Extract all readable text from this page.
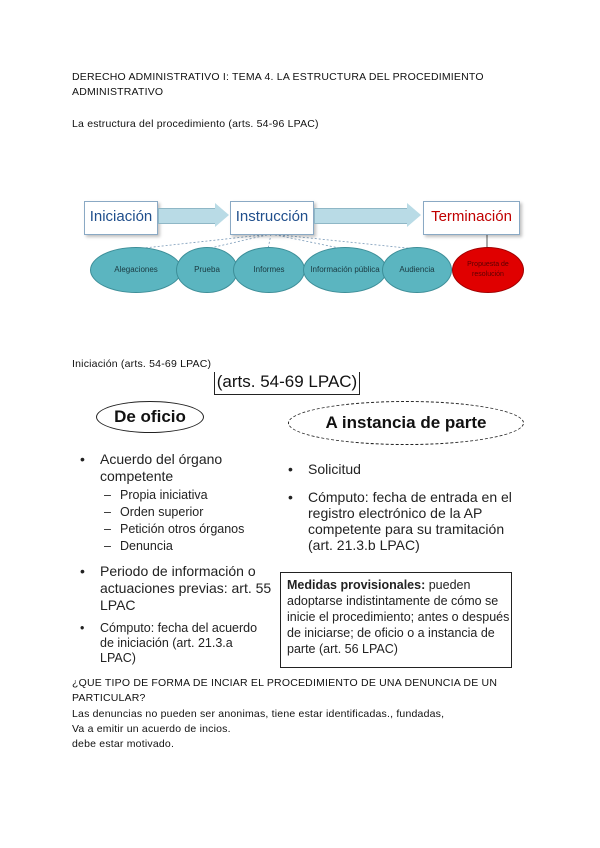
DERECHO ADMINISTRATIVO I: TEMA 4. LA ESTRUCTURA DEL PROCEDIMIENTO ADMINISTRATIVO
La estructura del procedimiento (arts. 54-96 LPAC)
Iniciación	Instrucción	Terminación
Alegaciones	Prueba	Informes	Información pública	Audiencia
Propuesta de resolución
Iniciación (arts. 54-69 LPAC)
(arts. 54-69 LPAC)
De oficio	A instancia de parte
• Acuerdo del órgano competente
– Propia iniciativa
– Orden superior
– Petición otros órganos
– Denuncia
• Periodo de información o actuaciones previas: art. 55 LPAC
• Cómputo: fecha del acuerdo de iniciación (art. 21.3.a LPAC)
• Solicitud
• Cómputo: fecha de entrada en el registro electrónico de la AP competente para su tramitación (art. 21.3.b LPAC)
Medidas provisionales: pueden adoptarse indistintamente de cómo se inicie el procedimiento; antes o después de iniciarse; de oficio o a instancia de parte (art. 56 LPAC)
¿QUE TIPO DE FORMA DE INCIAR EL PROCEDIMIENTO DE UNA DENUNCIA DE UN PARTICULAR?
Las denuncias no pueden ser anonimas, tiene estar identificadas., fundadas,
Va a emitir un acuerdo de incios.
debe estar motivado.
